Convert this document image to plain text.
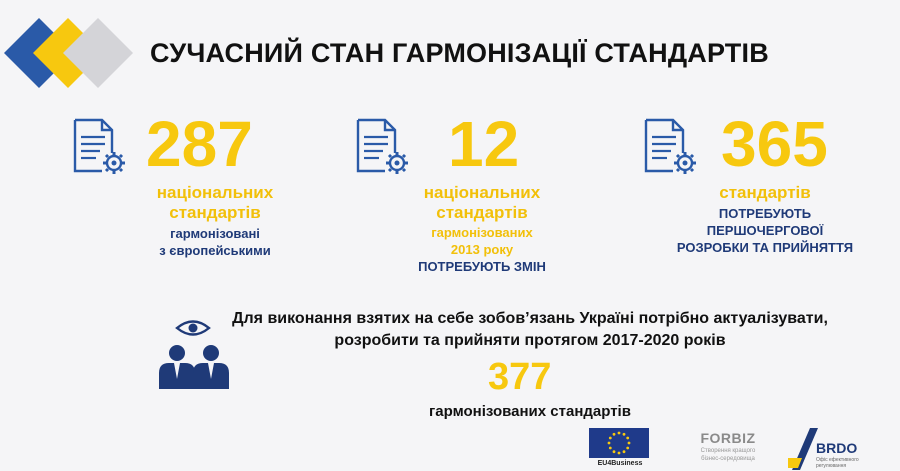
СУЧАСНИЙ СТАН ГАРМОНІЗАЦІЇ СТАНДАРТІВ
287
національних
стандартів
гармонізовані
з європейськими
12
національних
стандартів
гармонізованих
2013 року
ПОТРЕБУЮТЬ ЗМІН
365
стандартів
ПОТРЕБУЮТЬ
ПЕРШОЧЕРГОВОЇ
РОЗРОБКИ ТА ПРИЙНЯТТЯ
Для виконання взятих на себе зобов’язань Україні потрібно актуалізувати,
розробити та прийняти протягом 2017-2020 років
377
гармонізованих стандартів
EU4Business
FORBIZ
Створення кращого
бізнес-середовища
BRDO
Офіс ефективного
регулювання
